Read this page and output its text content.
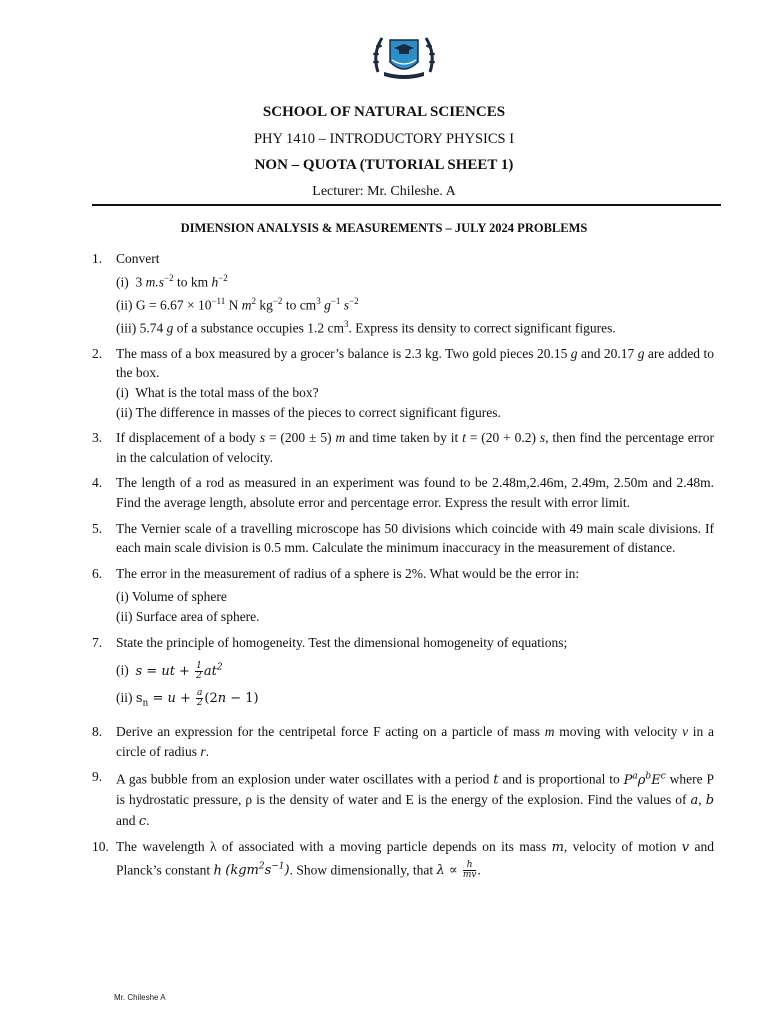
SCHOOL OF NATURAL SCIENCES
PHY 1410 – INTRODUCTORY PHYSICS I
NON – QUOTA (TUTORIAL SHEET 1)
Lecturer: Mr. Chileshe. A
DIMENSION ANALYSIS & MEASUREMENTS – JULY 2024 PROBLEMS
1. Convert

(i)  3 $m.s^{-2}$ to km $h^{-2}$

(ii) $G = 6.67 \times 10^{-11}$ N $m^2$ $kg^{-2}$ to $cm^3$ $g^{-1}$ $s^{-2}$

(iii) 5.74 g of a substance occupies 1.2 $cm^3$. Express its density to correct significant figures.

2. The mass of a box measured by a grocer’s balance is 2.3 kg. Two gold pieces 20.15 g and 20.17 g are added to the box.

(i)  What is the total mass of the box?

(ii) The difference in masses of the pieces to correct significant figures.

3. If displacement of a body s = (200 ± 5) m and time taken by it t = (20 + 0.2) s, then find the percentage error in the calculation of velocity.

4. The length of a rod as measured in an experiment was found to be 2.48m,2.46m, 2.49m, 2.50m and 2.48m. Find the average length, absolute error and percentage error. Express the result with error limit.

5. The Vernier scale of a travelling microscope has 50 divisions which coincide with 49 main scale divisions. If each main scale division is 0.5 mm. Calculate the minimum inaccuracy in the measurement of distance.

6. The error in the measurement of radius of a sphere is 2%. What would be the error in:

(i) Volume of sphere

(ii) Surface area of sphere.

7. State the principle of homogeneity. Test the dimensional homogeneity of equations;

(i)  s = ut + $\frac{1}{2} at^2$

(ii) $s_n = u + \frac{a}{2} (2n - 1)$

8. Derive an expression for the centripetal force F acting on a particle of mass m moving with velocity v in a circle of radius r.

9. A gas bubble from an explosion under water oscillates with a period t and is proportional to $P^a\rho^bE^c$ where P is hydrostatic pressure, ρ is the density of water and E is the energy of the explosion. Find the values of a, b and c.

10. The wavelength λ of associated with a moving particle depends on its mass m, velocity of motion v and Planck’s constant h $(kgm^2s^{-1})$. Show dimensionally, that $\lambda \propto \frac{h}{mv}$ .

Mr. Chileshe A
